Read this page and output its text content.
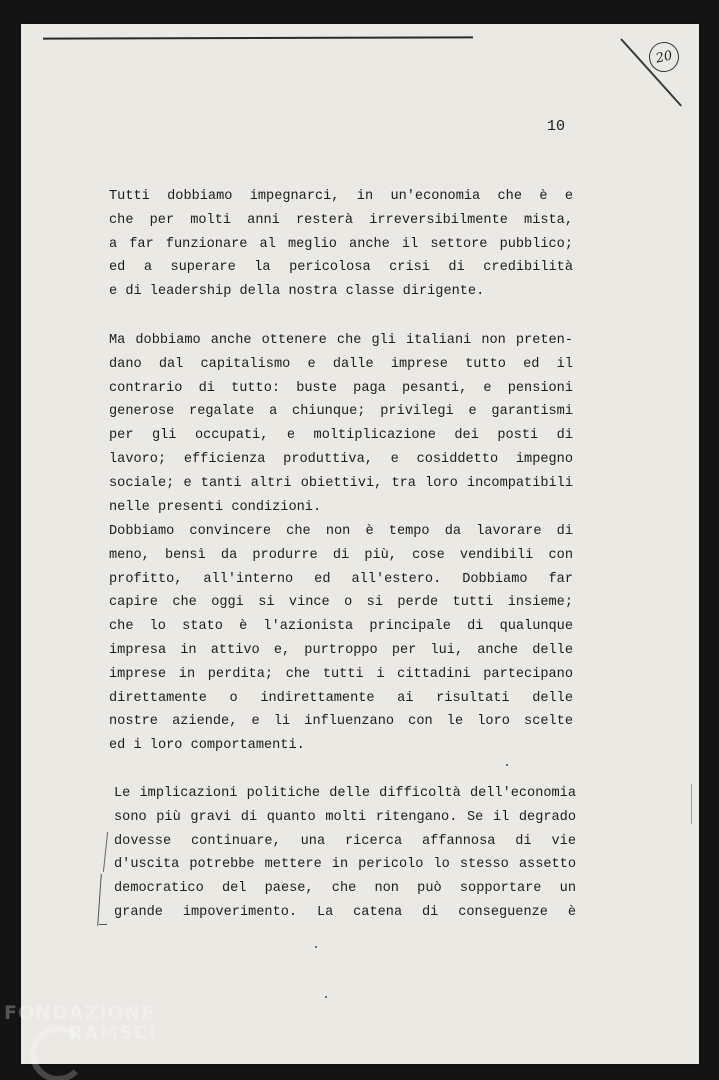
20
10
Tutti dobbiamo impegnarci, in un'economia che è e
che per molti anni resterà irreversibilmente mista,
a far funzionare al meglio anche il settore pubblico;
ed a superare la pericolosa crisi di credibilità
e di leadership della nostra classe dirigente.
Ma dobbiamo anche ottenere che gli italiani non preten-
dano dal capitalismo e dalle imprese tutto ed il
contrario di tutto: buste paga pesanti, e pensioni
generose regalate a chiunque; privilegi e garantismi
per gli occupati, e moltiplicazione dei posti di
lavoro; efficienza produttiva, e cosiddetto impegno
sociale; e tanti altri obiettivi, tra loro incompatibili
nelle presenti condizioni.
Dobbiamo convincere che non è tempo da lavorare di
meno, bensì da produrre di più, cose vendibili con
profitto, all'interno ed all'estero. Dobbiamo far
capire che oggi si vince o si perde tutti insieme;
che lo stato è l'azionista principale di qualunque
impresa in attivo e, purtroppo per lui, anche delle
imprese in perdita; che tutti i cittadini partecipano
direttamente o indirettamente ai risultati delle
nostre aziende, e li influenzano con le loro scelte
ed i loro comportamenti.
Le implicazioni politiche delle difficoltà dell'economia
sono più gravi di quanto molti ritengano. Se il degrado
dovesse continuare, una ricerca affannosa di vie
d'uscita potrebbe mettere in pericolo lo stesso assetto
democratico del paese, che non può sopportare un
grande impoverimento. La catena di conseguenze è
FONDAZIONE
RAMSCI
